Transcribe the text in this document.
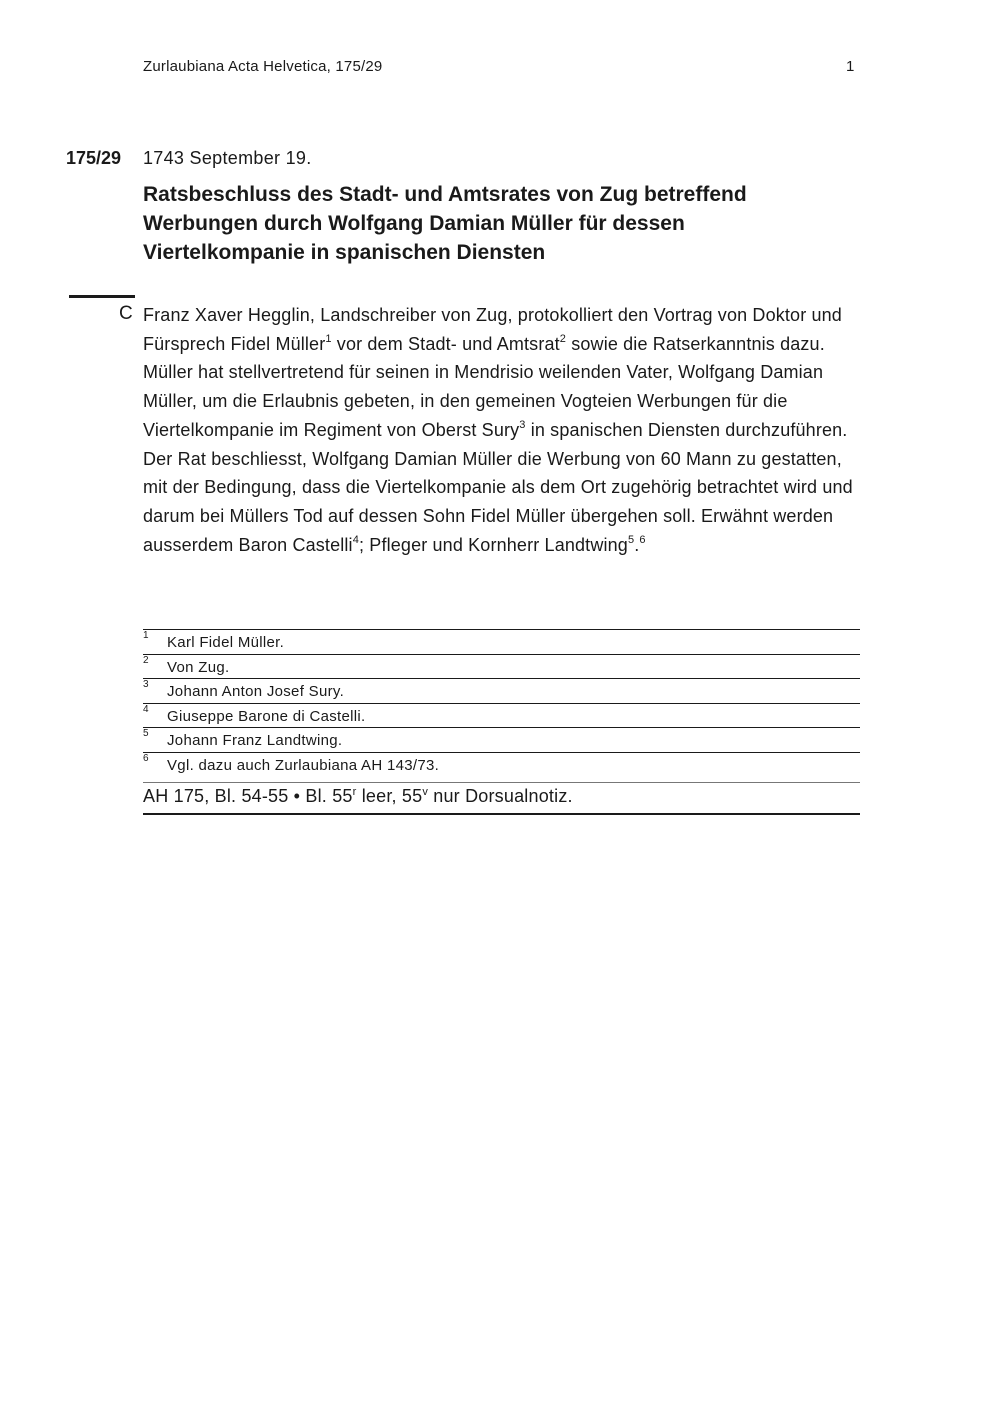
Zurlaubiana Acta Helvetica, 175/29	1
175/29 1743 September 19.
Ratsbeschluss des Stadt- und Amtsrates von Zug betreffend Werbungen durch Wolfgang Damian Müller für dessen Viertelkompanie in spanischen Diensten
C Franz Xaver Hegglin, Landschreiber von Zug, protokolliert den Vortrag von Doktor und Fürsprech Fidel Müller$^1$ vor dem Stadt- und Amtsrat$^2$ sowie die Ratserkanntnis dazu. Müller hat stellvertretend für seinen in Mendrisio weilenden Vater, Wolfgang Damian Müller, um die Erlaubnis gebeten, in den gemeinen Vogteien Werbungen für die Viertelkompanie im Regiment von Oberst Sury$^3$ in spanischen Diensten durchzuführen. Der Rat beschliesst, Wolfgang Damian Müller die Werbung von 60 Mann zu gestatten, mit der Bedingung, dass die Viertelkompanie als dem Ort zugehörig betrachtet wird und darum bei Müllers Tod auf dessen Sohn Fidel Müller übergehen soll. Erwähnt werden ausserdem Baron Castelli$^4$; Pfleger und Kornherr Landtwing$^5$.$^6$

1 Karl Fidel Müller.
2 Von Zug.
3 Johann Anton Josef Sury.
4 Giuseppe Barone di Castelli.
5 Johann Franz Landtwing.
6 Vgl. dazu auch Zurlaubiana AH 143/73.
AH 175, Bl. 54-55 • Bl. 55$^r$ leer, 55$^v$ nur Dorsualnotiz.
